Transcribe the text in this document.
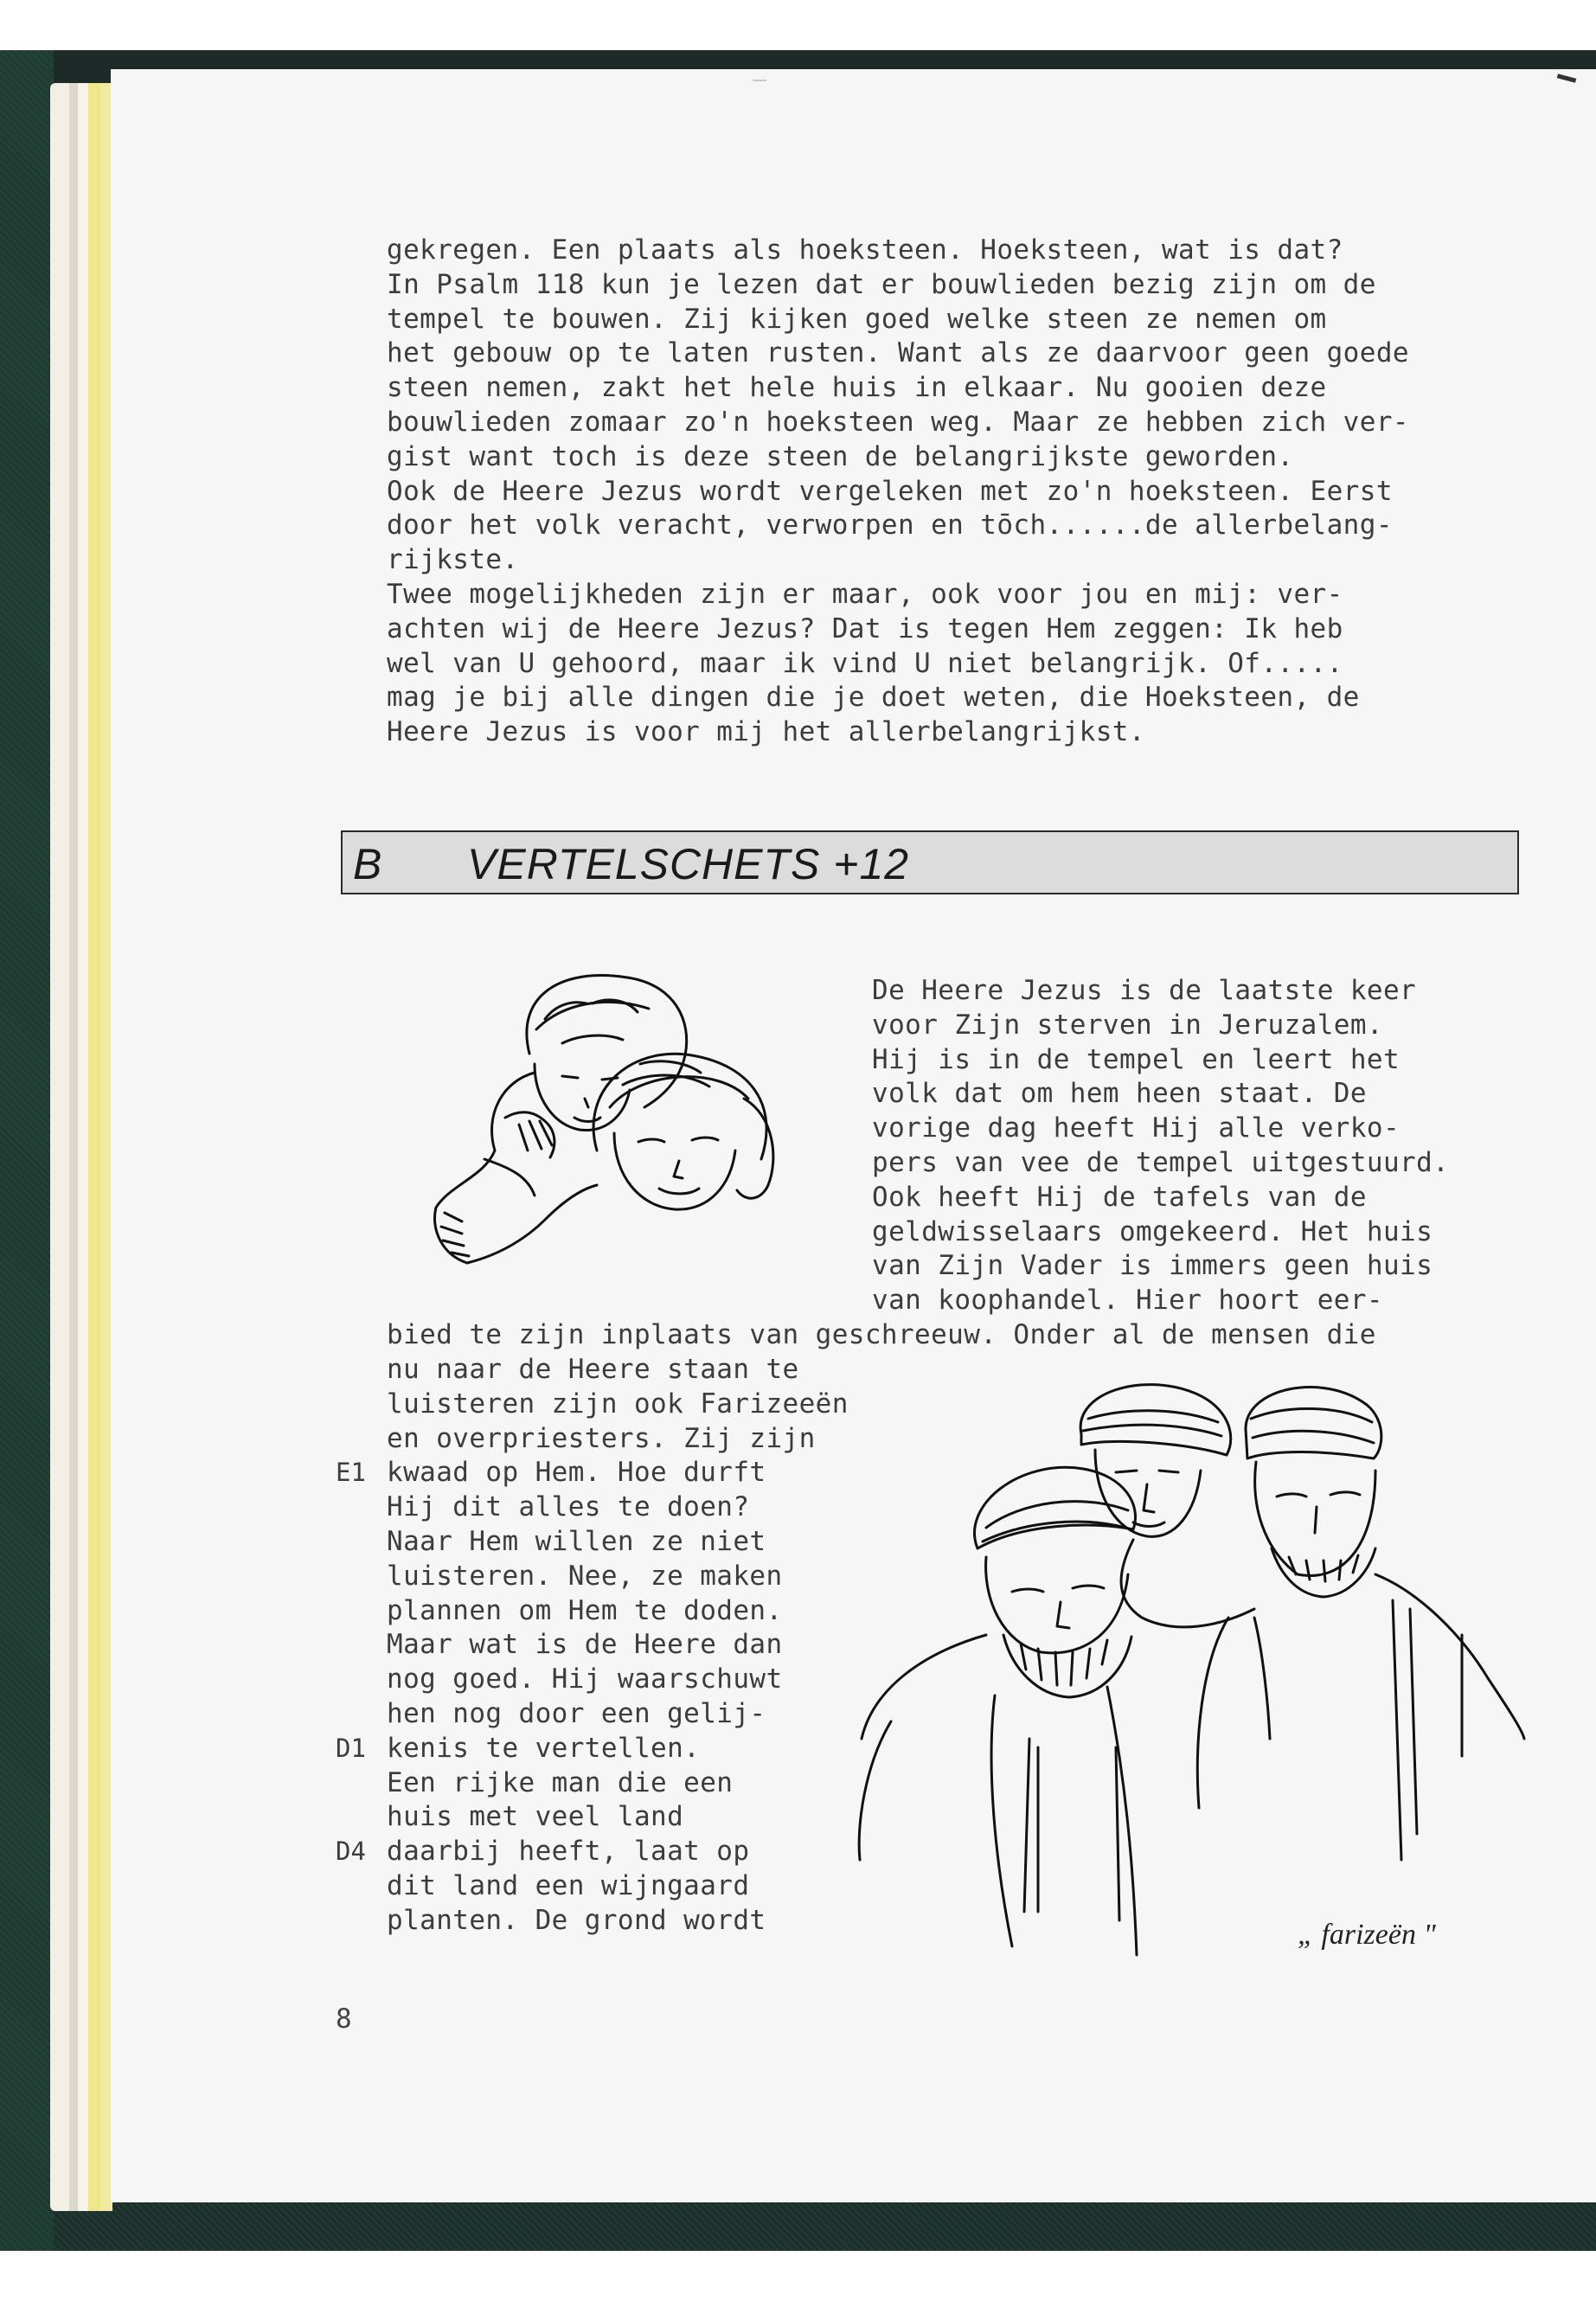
gekregen. Een plaats als hoeksteen. Hoeksteen, wat is dat?
In Psalm 118 kun je lezen dat er bouwlieden bezig zijn om de
tempel te bouwen. Zij kijken goed welke steen ze nemen om
het gebouw op te laten rusten. Want als ze daarvoor geen goede
steen nemen, zakt het hele huis in elkaar. Nu gooien deze
bouwlieden zomaar zo'n hoeksteen weg. Maar ze hebben zich ver-
gist want toch is deze steen de belangrijkste geworden.
Ook de Heere Jezus wordt vergeleken met zo'n hoeksteen. Eerst
door het volk veracht, verworpen en tōch......de allerbelang-
rijkste.
Twee mogelijkheden zijn er maar, ook voor jou en mij: ver-
achten wij de Heere Jezus? Dat is tegen Hem zeggen: Ik heb
wel van U gehoord, maar ik vind U niet belangrijk. Of.....
mag je bij alle dingen die je doet weten, die Hoeksteen, de
Heere Jezus is voor mij het allerbelangrijkst.
B VERTELSCHETS +12
De Heere Jezus is de laatste keer
voor Zijn sterven in Jeruzalem.
Hij is in de tempel en leert het
volk dat om hem heen staat. De
vorige dag heeft Hij alle verko-
pers van vee de tempel uitgestuurd.
Ook heeft Hij de tafels van de
geldwisselaars omgekeerd. Het huis
van Zijn Vader is immers geen huis
van koophandel. Hier hoort eer-
bied te zijn inplaats van geschreeuw. Onder al de mensen die
nu naar de Heere staan te
luisteren zijn ook Farizeeën
en overpriesters. Zij zijn
kwaad op Hem. Hoe durft
Hij dit alles te doen?
Naar Hem willen ze niet
luisteren. Nee, ze maken
plannen om Hem te doden.
Maar wat is de Heere dan
nog goed. Hij waarschuwt
hen nog door een gelij-
kenis te vertellen.
Een rijke man die een
huis met veel land
daarbij heeft, laat op
dit land een wijngaard
planten. De grond wordt
E1
D1
D4
„ farizeën "
8
